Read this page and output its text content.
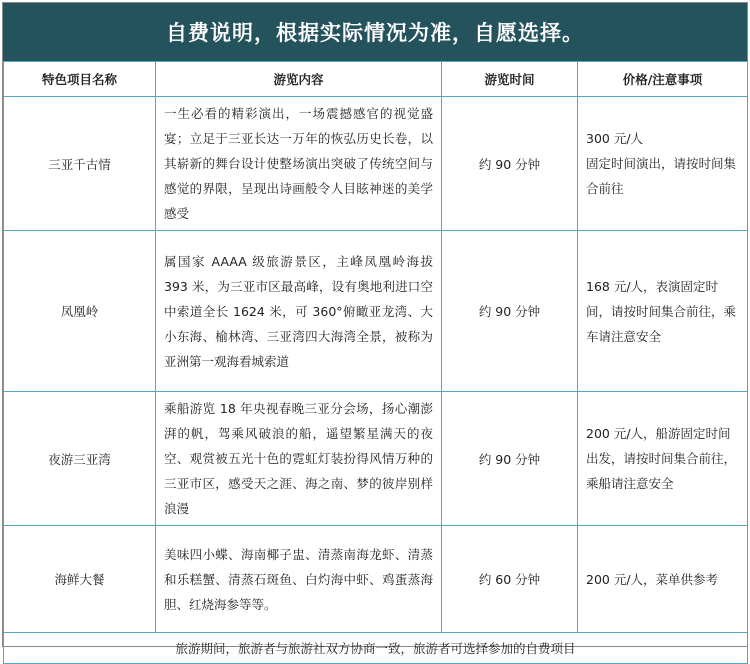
自费说明，根据实际情况为准，自愿选择。
特色项目名称	游览内容	游览时间	价格/注意事项
三亚千古情	一生必看的精彩演出，一场震撼感官的视觉盛宴；立足于三亚长达一万年的恢弘历史长卷，以其崭新的舞台设计使整场演出突破了传统空间与感觉的界限，呈现出诗画般令人目眩神迷的美学感受	约 90 分钟	300 元/人
固定时间演出，请按时间集合前往

凤凰岭	属国家 AAAA 级旅游景区，主峰凤凰岭海拔 393 米，为三亚市区最高峰，设有奥地利进口空中索道全长 1624 米，可 360°俯瞰亚龙湾、大小东海、榆林湾、三亚湾四大海湾全景，被称为亚洲第一观海看城索道	约 90 分钟	168 元/人，表演固定时间，请按时间集合前往，乘车请注意安全
夜游三亚湾	乘船游览 18 年央视春晚三亚分会场，扬心潮澎湃的帆，驾乘风破浪的船，遥望繁星满天的夜空、观赏被五光十色的霓虹灯装扮得风情万种的三亚市区，感受天之涯、海之南、梦的彼岸别样浪漫	约 90 分钟	200 元/人，船游固定时间出发，请按时间集合前往，乘船请注意安全
海鲜大餐	美味四小蝶、海南椰子盅、清蒸南海龙虾、清蒸和乐糕蟹、清蒸石斑鱼、白灼海中虾、鸡蛋蒸海胆、红烧海参等等。	约 60 分钟	200 元/人，菜单供参考
旅游期间，旅游者与旅游社双方协商一致，旅游者可选择参加的自费项目			
